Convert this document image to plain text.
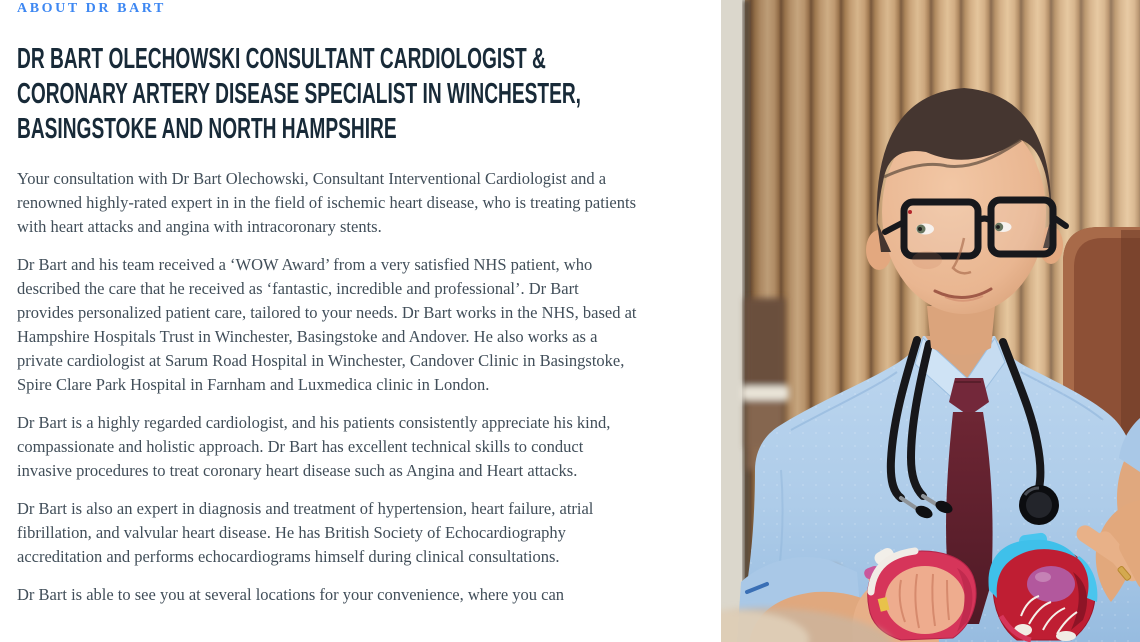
ABOUT DR BART
DR BART OLECHOWSKI CONSULTANT CARDIOLOGIST &
CORONARY ARTERY DISEASE SPECIALIST IN WINCHESTER,
BASINGSTOKE AND NORTH HAMPSHIRE

Your consultation with Dr Bart Olechowski, Consultant Interventional Cardiologist and a renowned highly-rated expert in in the field of ischemic heart disease, who is treating patients with heart attacks and angina with intracoronary stents.

Dr Bart and his team received a ‘WOW Award’ from a very satisfied NHS patient, who described the care that he received as ‘fantastic, incredible and professional’. Dr Bart provides personalized patient care, tailored to your needs. Dr Bart works in the NHS, based at Hampshire Hospitals Trust in Winchester, Basingstoke and Andover. He also works as a private cardiologist at Sarum Road Hospital in Winchester, Candover Clinic in Basingstoke, Spire Clare Park Hospital in Farnham and Luxmedica clinic in London.

Dr Bart is a highly regarded cardiologist, and his patients consistently appreciate his kind, compassionate and holistic approach. Dr Bart has excellent technical skills to conduct invasive procedures to treat coronary heart disease such as Angina and Heart attacks.

Dr Bart is also an expert in diagnosis and treatment of hypertension, heart failure, atrial fibrillation, and valvular heart disease. He has British Society of Echocardiography accreditation and performs echocardiograms himself during clinical consultations.

Dr Bart is able to see you at several locations for your convenience, where you can
